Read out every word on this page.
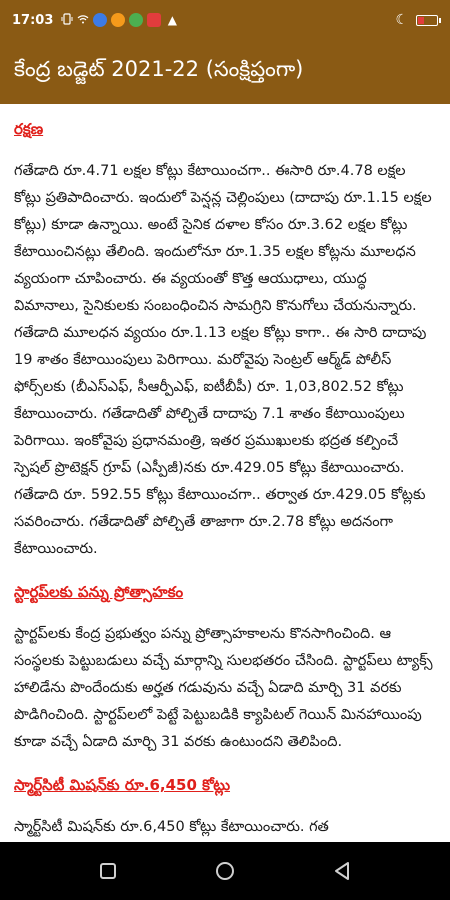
17:03	▲	☾
కేంద్ర బడ్జెట్ 2021-22 (సంక్షిప్తంగా)
రక్షణ
గతేడాది రూ.4.71 లక్షల కోట్లు కేటాయించగా.. ఈసారి రూ.4.78 లక్షల కోట్లు ప్రతిపాదించారు. ఇందులో పెన్షన్ల చెల్లింపులు (దాదాపు రూ.1.15 లక్షల కోట్లు) కూడా ఉన్నాయి. అంటే సైనిక దళాల కోసం రూ.3.62 లక్షల కోట్లు కేటాయించినట్లు తేలింది. ఇందులోనూ రూ.1.35 లక్షల కోట్లను మూలధన వ్యయంగా చూపించారు. ఈ వ్యయంతో కొత్త ఆయుధాలు, యుద్ధ విమానాలు, సైనికులకు సంబంధించిన సామగ్రిని కొనుగోలు చేయనున్నారు. గతేడాది మూలధన వ్యయం రూ.1.13 లక్షల కోట్లు కాగా.. ఈ సారి దాదాపు 19 శాతం కేటాయింపులు పెరిగాయి. మరోవైపు సెంట్రల్ ఆర్మ్‌డ్ పోలీస్ ఫోర్స్‌లకు (బీఎస్‌ఎఫ్, సీఆర్పీఎఫ్, ఐటీబీపీ) రూ. 1,03,802.52 కోట్లు కేటాయించారు. గతేడాదితో పోల్చితే దాదాపు 7.1 శాతం కేటాయింపులు పెరిగాయి. ఇంకోవైపు ప్రధానమంత్రి, ఇతర ప్రముఖులకు భద్రత కల్పించే స్పెషల్ ప్రొటెక్షన్ గ్రూప్ (ఎస్పీజీ)నకు రూ.429.05 కోట్లు కేటాయించారు. గతేడాది రూ. 592.55 కోట్లు కేటాయించగా.. తర్వాత రూ.429.05 కోట్లకు సవరించారు. గతేడాదితో పోల్చితే తాజాగా రూ.2.78 కోట్లు అదనంగా కేటాయించారు.
స్టార్టప్‌లకు పన్ను ప్రోత్సాహకం
స్టార్టప్‌లకు కేంద్ర ప్రభుత్వం పన్ను ప్రోత్సాహకాలను కొనసాగించింది. ఆ సంస్థలకు పెట్టుబడులు వచ్చే మార్గాన్ని సులభతరం చేసింది. స్టార్టప్‌లు ట్యాక్స్ హాలిడేను పొందేందుకు అర్హత గడువును వచ్చే ఏడాది మార్చి 31 వరకు పొడిగించింది. స్టార్టప్‌లలో పెట్టే పెట్టుబడికి క్యాపిటల్ గెయిన్ మినహాయింపు కూడా వచ్చే ఏడాది మార్చి 31 వరకు ఉంటుందని తెలిపింది.
స్మార్ట్‌సిటీ మిషన్‌కు రూ.6,450 కోట్లు
స్మార్ట్‌సిటీ మిషన్‌కు రూ.6,450 కోట్లు కేటాయించారు. గత
